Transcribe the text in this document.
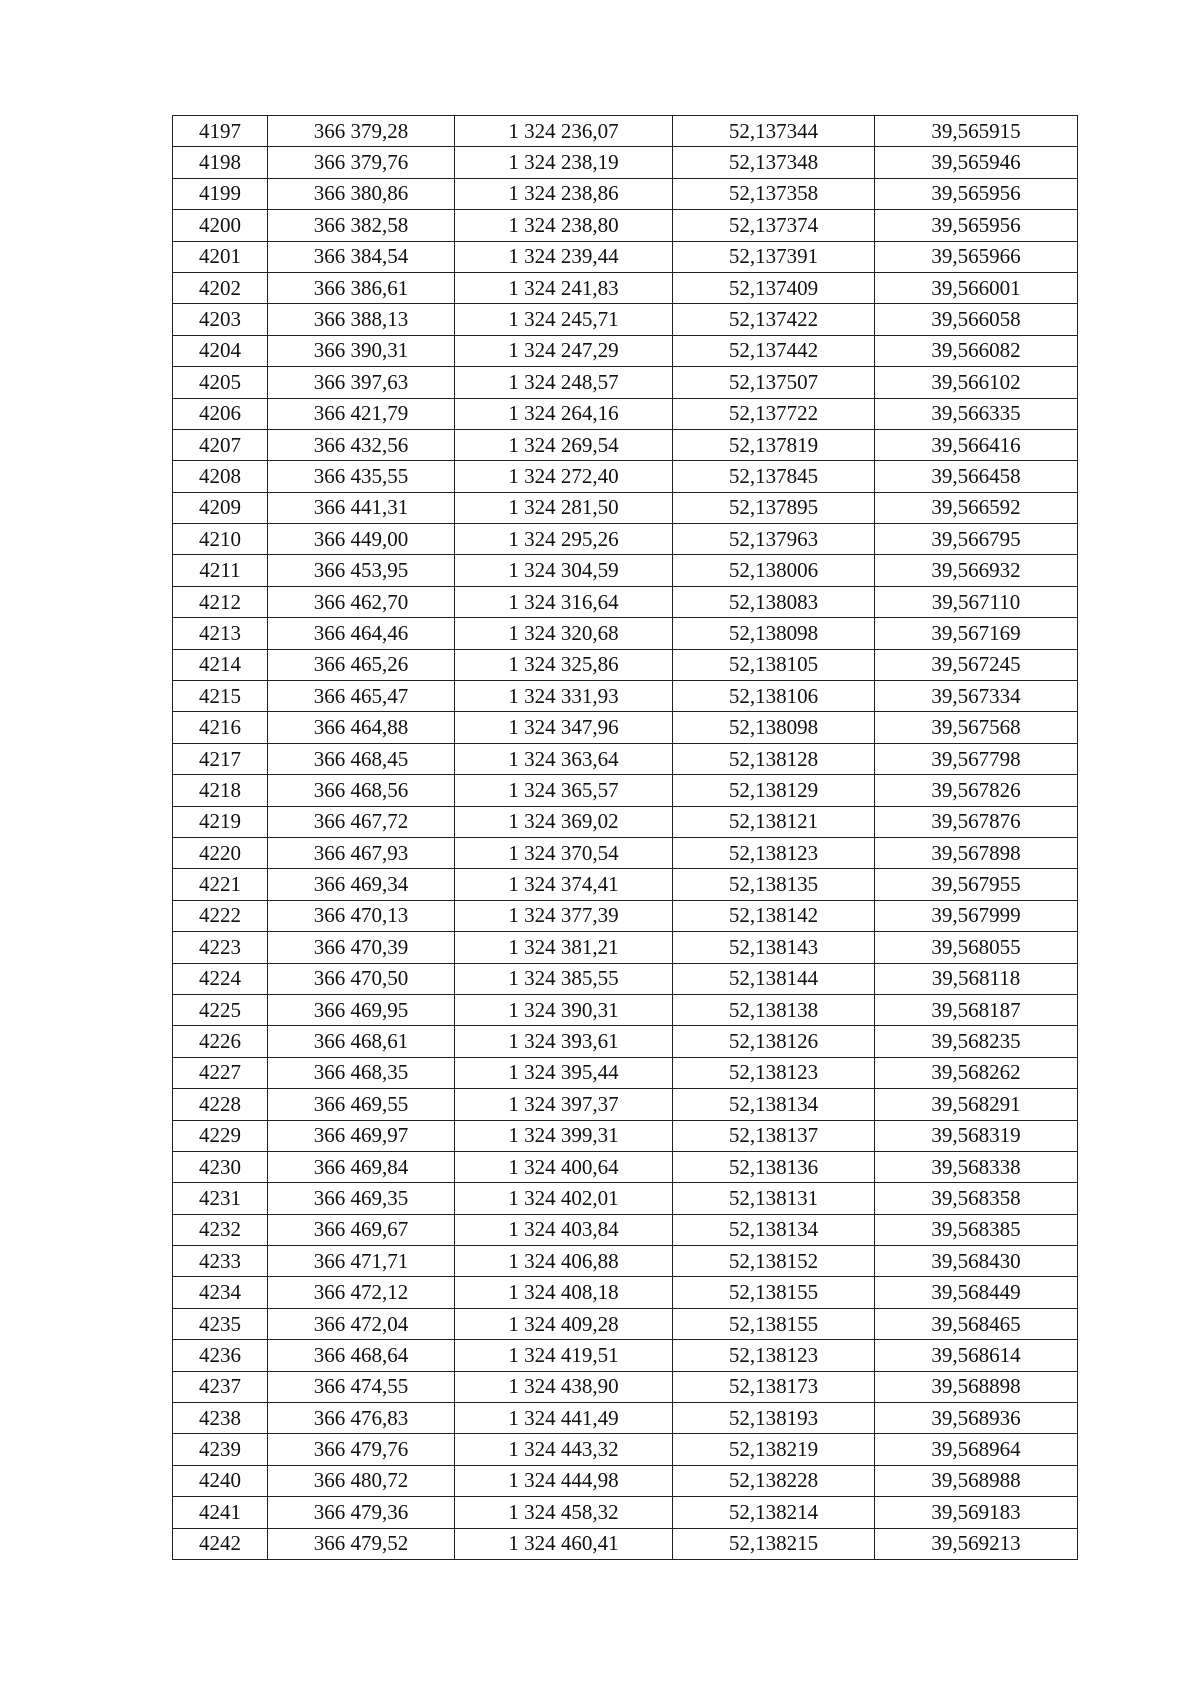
4197	366 379,28	1 324 236,07	52,137344	39,565915
4198	366 379,76	1 324 238,19	52,137348	39,565946
4199	366 380,86	1 324 238,86	52,137358	39,565956
4200	366 382,58	1 324 238,80	52,137374	39,565956
4201	366 384,54	1 324 239,44	52,137391	39,565966
4202	366 386,61	1 324 241,83	52,137409	39,566001
4203	366 388,13	1 324 245,71	52,137422	39,566058
4204	366 390,31	1 324 247,29	52,137442	39,566082
4205	366 397,63	1 324 248,57	52,137507	39,566102
4206	366 421,79	1 324 264,16	52,137722	39,566335
4207	366 432,56	1 324 269,54	52,137819	39,566416
4208	366 435,55	1 324 272,40	52,137845	39,566458
4209	366 441,31	1 324 281,50	52,137895	39,566592
4210	366 449,00	1 324 295,26	52,137963	39,566795
4211	366 453,95	1 324 304,59	52,138006	39,566932
4212	366 462,70	1 324 316,64	52,138083	39,567110
4213	366 464,46	1 324 320,68	52,138098	39,567169
4214	366 465,26	1 324 325,86	52,138105	39,567245
4215	366 465,47	1 324 331,93	52,138106	39,567334
4216	366 464,88	1 324 347,96	52,138098	39,567568
4217	366 468,45	1 324 363,64	52,138128	39,567798
4218	366 468,56	1 324 365,57	52,138129	39,567826
4219	366 467,72	1 324 369,02	52,138121	39,567876
4220	366 467,93	1 324 370,54	52,138123	39,567898
4221	366 469,34	1 324 374,41	52,138135	39,567955
4222	366 470,13	1 324 377,39	52,138142	39,567999
4223	366 470,39	1 324 381,21	52,138143	39,568055
4224	366 470,50	1 324 385,55	52,138144	39,568118
4225	366 469,95	1 324 390,31	52,138138	39,568187
4226	366 468,61	1 324 393,61	52,138126	39,568235
4227	366 468,35	1 324 395,44	52,138123	39,568262
4228	366 469,55	1 324 397,37	52,138134	39,568291
4229	366 469,97	1 324 399,31	52,138137	39,568319
4230	366 469,84	1 324 400,64	52,138136	39,568338
4231	366 469,35	1 324 402,01	52,138131	39,568358
4232	366 469,67	1 324 403,84	52,138134	39,568385
4233	366 471,71	1 324 406,88	52,138152	39,568430
4234	366 472,12	1 324 408,18	52,138155	39,568449
4235	366 472,04	1 324 409,28	52,138155	39,568465
4236	366 468,64	1 324 419,51	52,138123	39,568614
4237	366 474,55	1 324 438,90	52,138173	39,568898
4238	366 476,83	1 324 441,49	52,138193	39,568936
4239	366 479,76	1 324 443,32	52,138219	39,568964
4240	366 480,72	1 324 444,98	52,138228	39,568988
4241	366 479,36	1 324 458,32	52,138214	39,569183
4242	366 479,52	1 324 460,41	52,138215	39,569213
